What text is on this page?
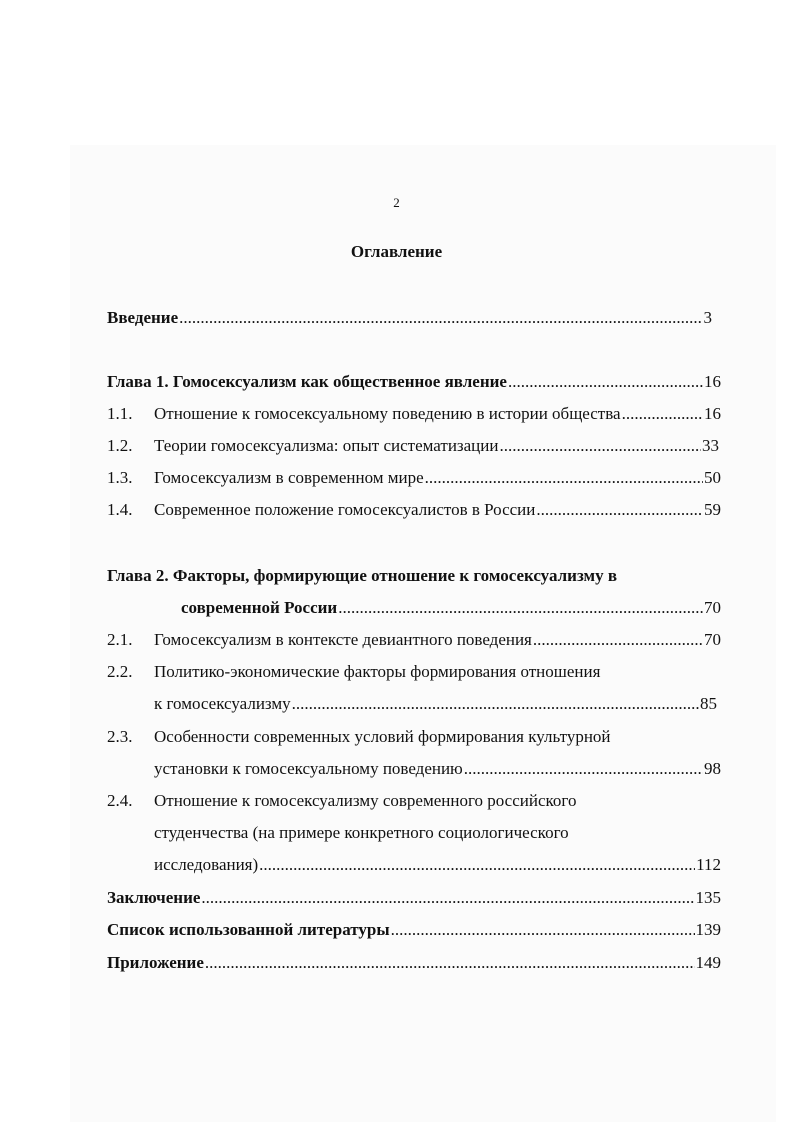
2
Оглавление
Введение .....	3
Глава 1. Гомосексуализм как общественное явление .....	16
1.1.	Отношение к гомосексуальному поведению в истории общества .....	16
1.2.	Теории гомосексуализма: опыт систематизации .....	33
1.3.	Гомосексуализм в современном мире .....	50
1.4.	Современное положение гомосексуалистов в России .....	59
Глава 2. Факторы, формирующие отношение к гомосексуализму в
современной России .....	70
2.1.	Гомосексуализм в контексте девиантного поведения .....	70
2.2. Политико-экономические факторы формирования отношения
к гомосексуализму .....	85
2.3. Особенности современных условий формирования культурной
установки к гомосексуальному поведению .....	98
2.4. Отношение к гомосексуализму современного российского
студенчества (на примере конкретного социологического
исследования) .....	112
Заключение .....	135
Список использованной литературы .....	139
Приложение .....	149
